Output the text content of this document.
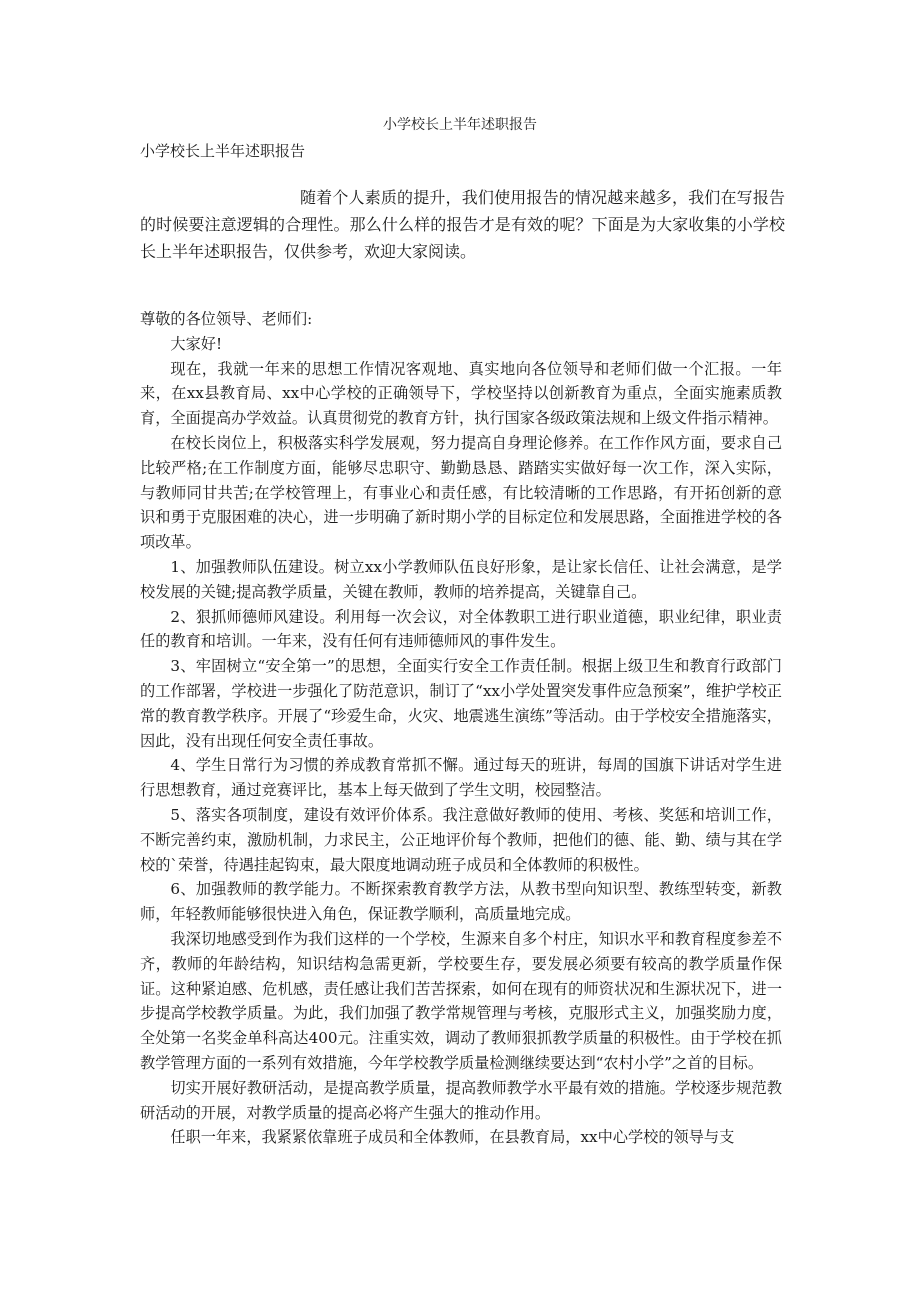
小学校长上半年述职报告
小学校长上半年述职报告

随着个人素质的提升，我们使用报告的情况越来越多，我们在写报告的时候要注意逻辑的合理性。那么什么样的报告才是有效的呢？下面是为大家收集的小学校长上半年述职报告，仅供参考，欢迎大家阅读。

尊敬的各位领导、老师们:

大家好!

现在，我就一年来的思想工作情况客观地、真实地向各位领导和老师们做一个汇报。一年来，在xx县教育局、xx中心学校的正确领导下，学校坚持以创新教育为重点，全面实施素质教育，全面提高办学效益。认真贯彻党的教育方针，执行国家各级政策法规和上级文件指示精神。

在校长岗位上，积极落实科学发展观，努力提高自身理论修养。在工作作风方面，要求自己比较严格;在工作制度方面，能够尽忠职守、勤勤恳恳、踏踏实实做好每一次工作，深入实际，与教师同甘共苦;在学校管理上，有事业心和责任感，有比较清晰的工作思路，有开拓创新的意识和勇于克服困难的决心，进一步明确了新时期小学的目标定位和发展思路，全面推进学校的各项改革。

1、加强教师队伍建设。树立xx小学教师队伍良好形象，是让家长信任、让社会满意，是学校发展的关键;提高教学质量，关键在教师，教师的培养提高，关键靠自己。

2、狠抓师德师风建设。利用每一次会议，对全体教职工进行职业道德，职业纪律，职业责任的教育和培训。一年来，没有任何有违师德师风的事件发生。

3、牢固树立“安全第一”的思想，全面实行安全工作责任制。根据上级卫生和教育行政部门的工作部署，学校进一步强化了防范意识，制订了“xx小学处置突发事件应急预案”，维护学校正常的教育教学秩序。开展了“珍爱生命，火灾、地震逃生演练”等活动。由于学校安全措施落实，因此，没有出现任何安全责任事故。

4、学生日常行为习惯的养成教育常抓不懈。通过每天的班讲，每周的国旗下讲话对学生进行思想教育，通过竞赛评比，基本上每天做到了学生文明，校园整洁。

5、落实各项制度，建设有效评价体系。我注意做好教师的使用、考核、奖惩和培训工作，不断完善约束，激励机制，力求民主，公正地评价每个教师，把他们的德、能、勤、绩与其在学校的`荣誉，待遇挂起钩束，最大限度地调动班子成员和全体教师的积极性。

6、加强教师的教学能力。不断探索教育教学方法，从教书型向知识型、教练型转变，新教师，年轻教师能够很快进入角色，保证教学顺利，高质量地完成。

我深切地感受到作为我们这样的一个学校，生源来自多个村庄，知识水平和教育程度参差不齐，教师的年龄结构，知识结构急需更新，学校要生存，要发展必须要有较高的教学质量作保证。这种紧迫感、危机感，责任感让我们苦苦探索，如何在现有的师资状况和生源状况下，进一步提高学校教学质量。为此，我们加强了教学常规管理与考核，克服形式主义，加强奖励力度，全处第一名奖金单科高达400元。注重实效，调动了教师狠抓教学质量的积极性。由于学校在抓教学管理方面的一系列有效措施，今年学校教学质量检测继续要达到“农村小学”之首的目标。

切实开展好教研活动，是提高教学质量，提高教师教学水平最有效的措施。学校逐步规范教研活动的开展，对教学质量的提高必将产生强大的推动作用。

任职一年来，我紧紧依靠班子成员和全体教师，在县教育局，xx中心学校的领导与支
